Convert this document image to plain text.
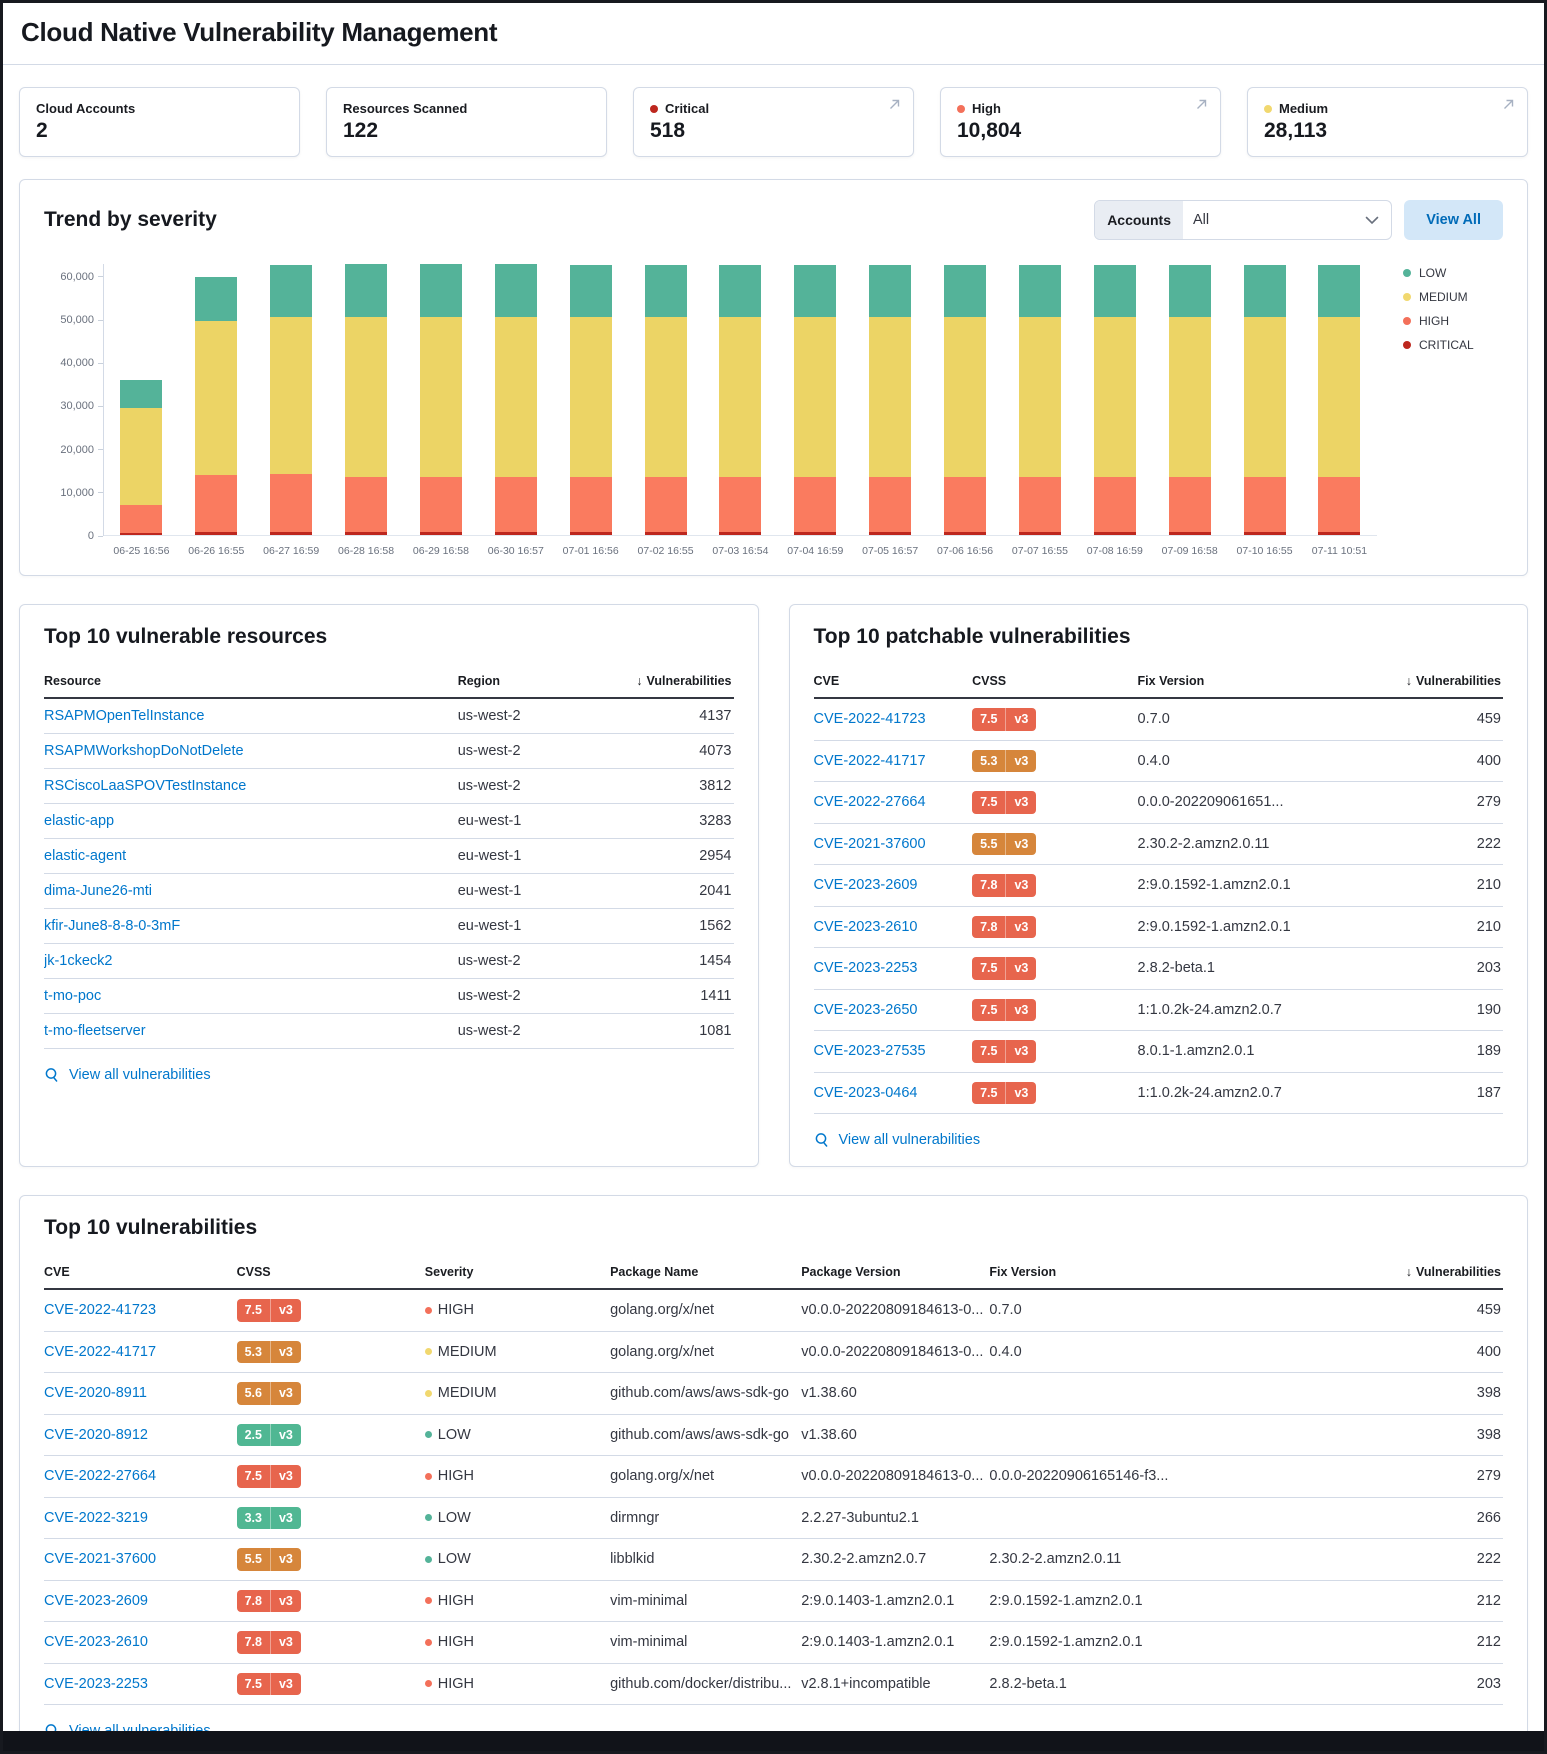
Cloud Native Vulnerability Management
Cloud Accounts
2
Resources Scanned
122
Critical
518
High
10,804
Medium
28,113
Trend by severity	Accounts	All	View All
0
10,000
20,000
30,000
40,000
50,000
60,000
06-25 16:56	06-26 16:55	06-27 16:59	06-28 16:58	06-29 16:58	06-30 16:57	07-01 16:56	07-02 16:55	07-03 16:54	07-04 16:59	07-05 16:57	07-06 16:56	07-07 16:55	07-08 16:59	07-09 16:58	07-10 16:55	07-11 10:51
LOW
MEDIUM
HIGH
CRITICAL
Top 10 vulnerable resources
Resource	Region	↓ Vulnerabilities
RSAPMOpenTelInstance	us-west-2	4137
RSAPMWorkshopDoNotDelete	us-west-2	4073
RSCiscoLaaSPOVTestInstance	us-west-2	3812
elastic-app	eu-west-1	3283
elastic-agent	eu-west-1	2954
dima-June26-mti	eu-west-1	2041
kfir-June8-8-8-0-3mF	eu-west-1	1562
jk-1ckeck2	us-west-2	1454
t-mo-poc	us-west-2	1411
t-mo-fleetserver	us-west-2	1081
View all vulnerabilities
Top 10 patchable vulnerabilities
CVE	CVSS	Fix Version	↓ Vulnerabilities
CVE-2022-41723	7.5 v3	0.7.0	459
CVE-2022-41717	5.3 v3	0.4.0	400
CVE-2022-27664	7.5 v3	0.0.0-202209061651...	279
CVE-2021-37600	5.5 v3	2.30.2-2.amzn2.0.11	222
CVE-2023-2609	7.8 v3	2:9.0.1592-1.amzn2.0.1	210
CVE-2023-2610	7.8 v3	2:9.0.1592-1.amzn2.0.1	210
CVE-2023-2253	7.5 v3	2.8.2-beta.1	203
CVE-2023-2650	7.5 v3	1:1.0.2k-24.amzn2.0.7	190
CVE-2023-27535	7.5 v3	8.0.1-1.amzn2.0.1	189
CVE-2023-0464	7.5 v3	1:1.0.2k-24.amzn2.0.7	187
View all vulnerabilities
Top 10 vulnerabilities
CVE	CVSS	Severity	Package Name	Package Version	Fix Version	↓ Vulnerabilities
CVE-2022-41723	7.5 v3	HIGH	golang.org/x/net	v0.0.0-20220809184613-0...	0.7.0	459
CVE-2022-41717	5.3 v3	MEDIUM	golang.org/x/net	v0.0.0-20220809184613-0...	0.4.0	400
CVE-2020-8911	5.6 v3	MEDIUM	github.com/aws/aws-sdk-go	v1.38.60		398
CVE-2020-8912	2.5 v3	LOW	github.com/aws/aws-sdk-go	v1.38.60		398
CVE-2022-27664	7.5 v3	HIGH	golang.org/x/net	v0.0.0-20220809184613-0...	0.0.0-20220906165146-f3...	279
CVE-2022-3219	3.3 v3	LOW	dirmngr	2.2.27-3ubuntu2.1		266
CVE-2021-37600	5.5 v3	LOW	libblkid	2.30.2-2.amzn2.0.7	2.30.2-2.amzn2.0.11	222
CVE-2023-2609	7.8 v3	HIGH	vim-minimal	2:9.0.1403-1.amzn2.0.1	2:9.0.1592-1.amzn2.0.1	212
CVE-2023-2610	7.8 v3	HIGH	vim-minimal	2:9.0.1403-1.amzn2.0.1	2:9.0.1592-1.amzn2.0.1	212
CVE-2023-2253	7.5 v3	HIGH	github.com/docker/distribu...	v2.8.1+incompatible	2.8.2-beta.1	203
